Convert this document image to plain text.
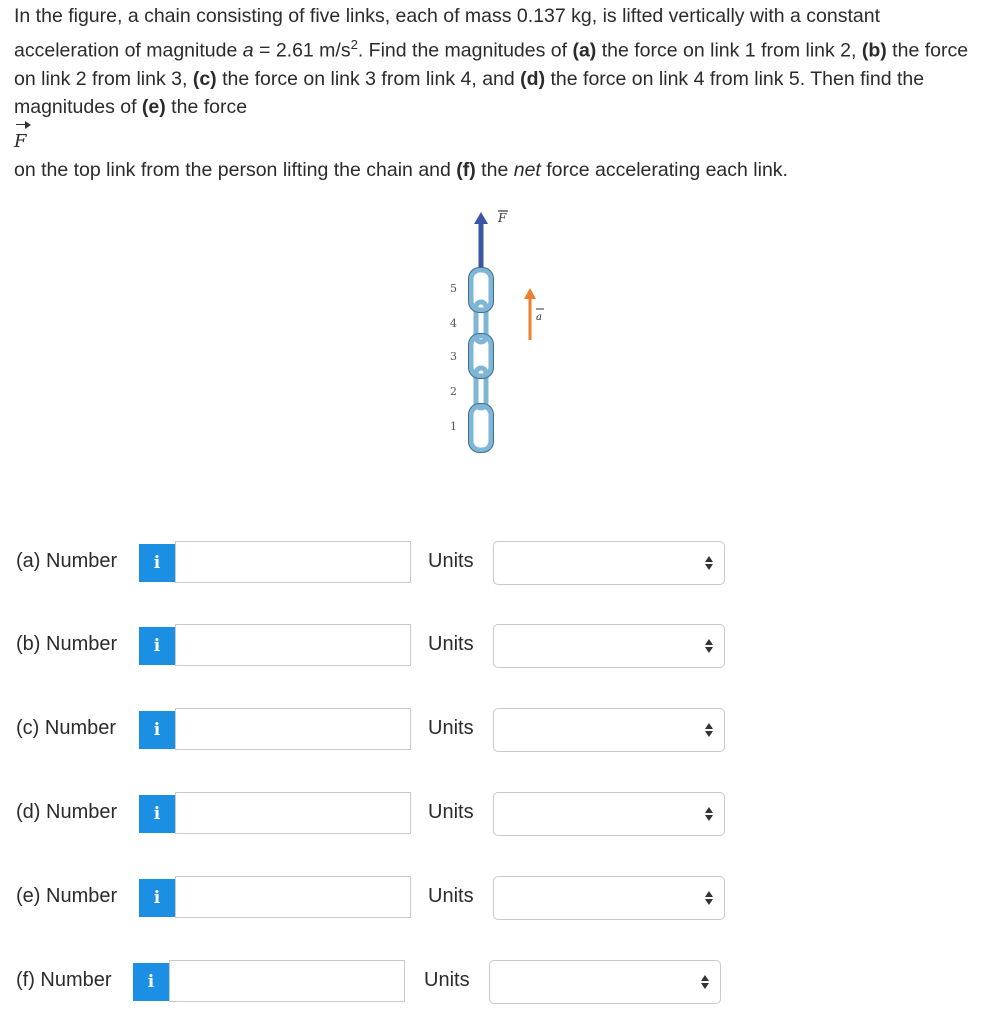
In the figure, a chain consisting of five links, each of mass 0.137 kg, is lifted vertically with a constant acceleration of magnitude a = 2.61 $m/s^2$. Find the magnitudes of (a) the force on link 1 from link 2, (b) the force on link 2 from link 3, (c) the force on link 3 from link 4, and (d) the force on link 4 from link 5. Then find the magnitudes of (e) the force
F
on the top link from the person lifting the chain and (f) the net force accelerating each link.
F
5
4
3
2
1
a
(a) Number	i	Units
(b) Number	i	Units
(c) Number	i	Units
(d) Number	i	Units
(e) Number	i	Units
(f) Number	i	Units
